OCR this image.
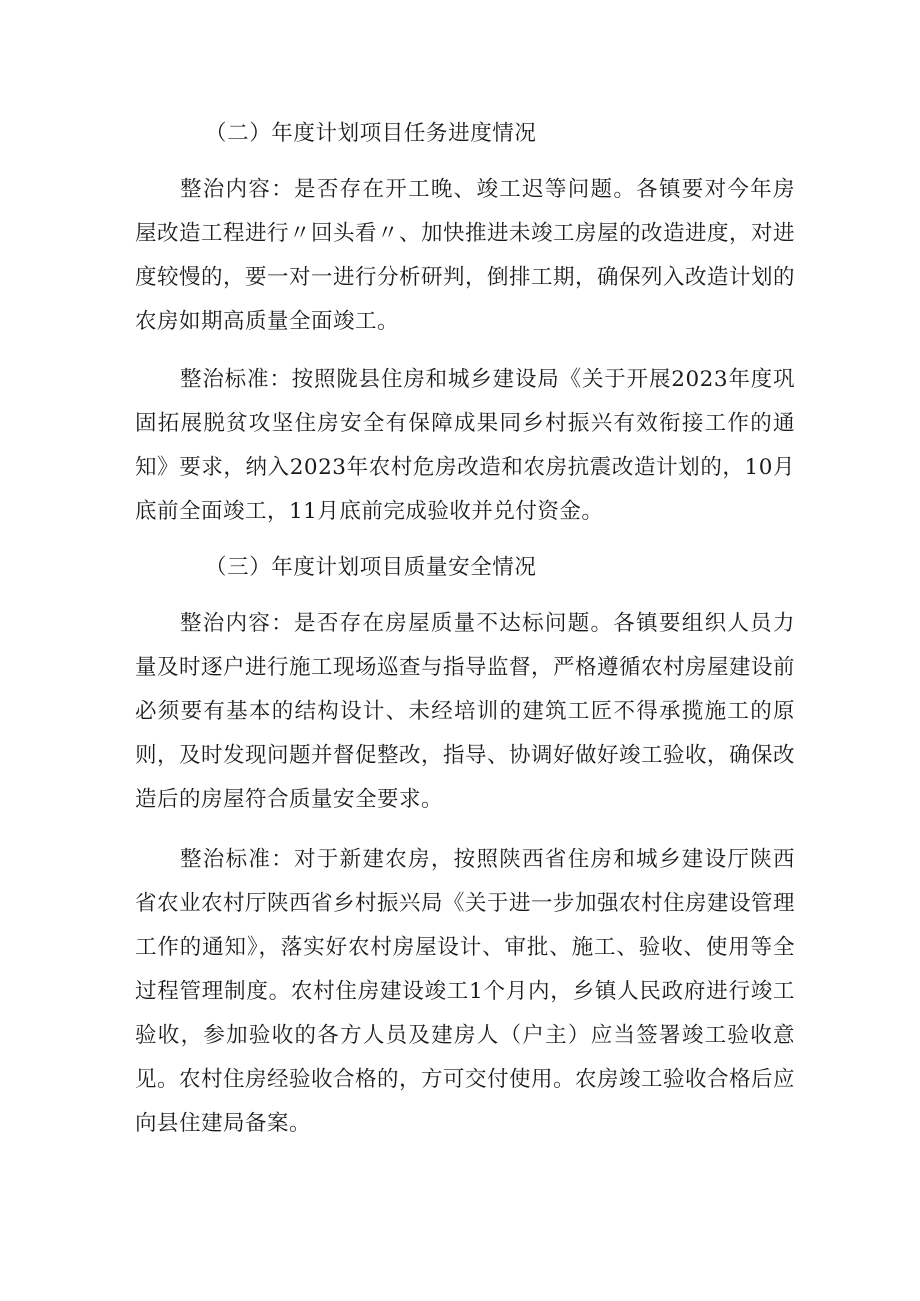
（二）年度计划项目任务进度情况

整治内容：是否存在开工晚、竣工迟等问题。各镇要对今年房屋改造工程进行〃回头看〃、加快推进未竣工房屋的改造进度，对进度较慢的，要一对一进行分析研判，倒排工期，确保列入改造计划的农房如期高质量全面竣工。

整治标准：按照陇县住房和城乡建设局《关于开展2023年度巩固拓展脱贫攻坚住房安全有保障成果同乡村振兴有效衔接工作的通知》要求，纳入2023年农村危房改造和农房抗震改造计划的，10月底前全面竣工，11月底前完成验收并兑付资金。

（三）年度计划项目质量安全情况

整治内容：是否存在房屋质量不达标问题。各镇要组织人员力量及时逐户进行施工现场巡查与指导监督，严格遵循农村房屋建设前必须要有基本的结构设计、未经培训的建筑工匠不得承揽施工的原则，及时发现问题并督促整改，指导、协调好做好竣工验收，确保改造后的房屋符合质量安全要求。

整治标准：对于新建农房，按照陕西省住房和城乡建设厅陕西省农业农村厅陕西省乡村振兴局《关于进一步加强农村住房建设管理工作的通知》，落实好农村房屋设计、审批、施工、验收、使用等全过程管理制度。农村住房建设竣工1个月内，乡镇人民政府进行竣工验收，参加验收的各方人员及建房人（户主）应当签署竣工验收意见。农村住房经验收合格的，方可交付使用。农房竣工验收合格后应向县住建局备案。
